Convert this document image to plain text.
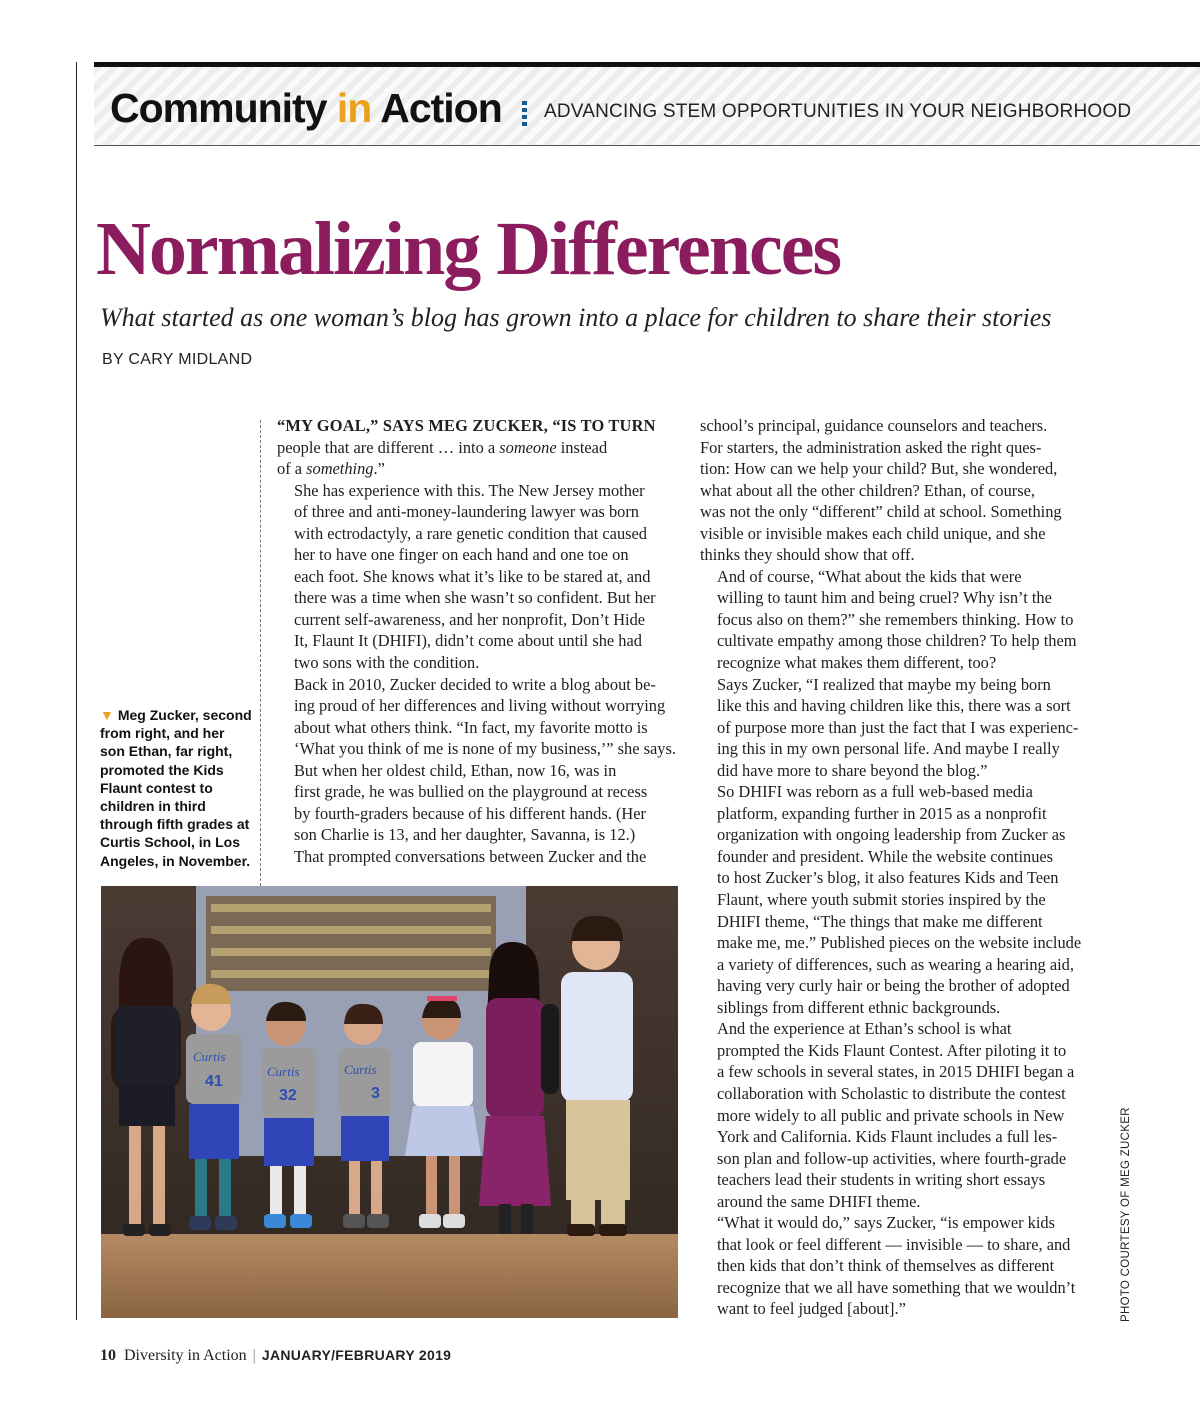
Community in Action ADVANCING STEM OPPORTUNITIES IN YOUR NEIGHBORHOOD
Normalizing Differences

What started as one woman’s blog has grown into a place for children to share their stories

BY CARY MIDLAND
▼ Meg Zucker, second from right, and her son Ethan, far right, promoted the Kids Flaunt contest to children in third through fifth grades at Curtis School, in Los Angeles, in November.

“MY GOAL,” SAYS MEG ZUCKER, “IS TO TURN
people that are different … into a someone instead
of a something.”

She has experience with this. The New Jersey mother
of three and anti-money-laundering lawyer was born
with ectrodactyly, a rare genetic condition that caused
her to have one finger on each hand and one toe on
each foot. She knows what it’s like to be stared at, and
there was a time when she wasn’t so confident. But her
current self-awareness, and her nonprofit, Don’t Hide
It, Flaunt It (DHIFI), didn’t come about until she had
two sons with the condition.

Back in 2010, Zucker decided to write a blog about be-
ing proud of her differences and living without worrying
about what others think. “In fact, my favorite motto is
‘What you think of me is none of my business,’” she says.

But when her oldest child, Ethan, now 16, was in
first grade, he was bullied on the playground at recess
by fourth-graders because of his different hands. (Her
son Charlie is 13, and her daughter, Savanna, is 12.)
That prompted conversations between Zucker and the

school’s principal, guidance counselors and teachers.
For starters, the administration asked the right ques-
tion: How can we help your child? But, she wondered,
what about all the other children? Ethan, of course,
was not the only “different” child at school. Something
visible or invisible makes each child unique, and she
thinks they should show that off.

And of course, “What about the kids that were
willing to taunt him and being cruel? Why isn’t the
focus also on them?” she remembers thinking. How to
cultivate empathy among those children? To help them
recognize what makes them different, too?

Says Zucker, “I realized that maybe my being born
like this and having children like this, there was a sort
of purpose more than just the fact that I was experienc-
ing this in my own personal life. And maybe I really
did have more to share beyond the blog.”

So DHIFI was reborn as a full web-based media
platform, expanding further in 2015 as a nonprofit
organization with ongoing leadership from Zucker as
founder and president. While the website continues
to host Zucker’s blog, it also features Kids and Teen
Flaunt, where youth submit stories inspired by the
DHIFI theme, “The things that make me different
make me, me.” Published pieces on the website include
a variety of differences, such as wearing a hearing aid,
having very curly hair or being the brother of adopted
siblings from different ethnic backgrounds.

And the experience at Ethan’s school is what
prompted the Kids Flaunt Contest. After piloting it to
a few schools in several states, in 2015 DHIFI began a
collaboration with Scholastic to distribute the contest
more widely to all public and private schools in New
York and California. Kids Flaunt includes a full les-
son plan and follow-up activities, where fourth-grade
teachers lead their students in writing short essays
around the same DHIFI theme.

“What it would do,” says Zucker, “is empower kids
that look or feel different — invisible — to share, and
then kids that don’t think of themselves as different
recognize that we all have something that we wouldn’t
want to feel judged [about].”

Curtis
41
Curtis
32
Curtis
3
PHOTO COURTESY OF MEG ZUCKER
10 Diversity in Action | JANUARY/FEBRUARY 2019
